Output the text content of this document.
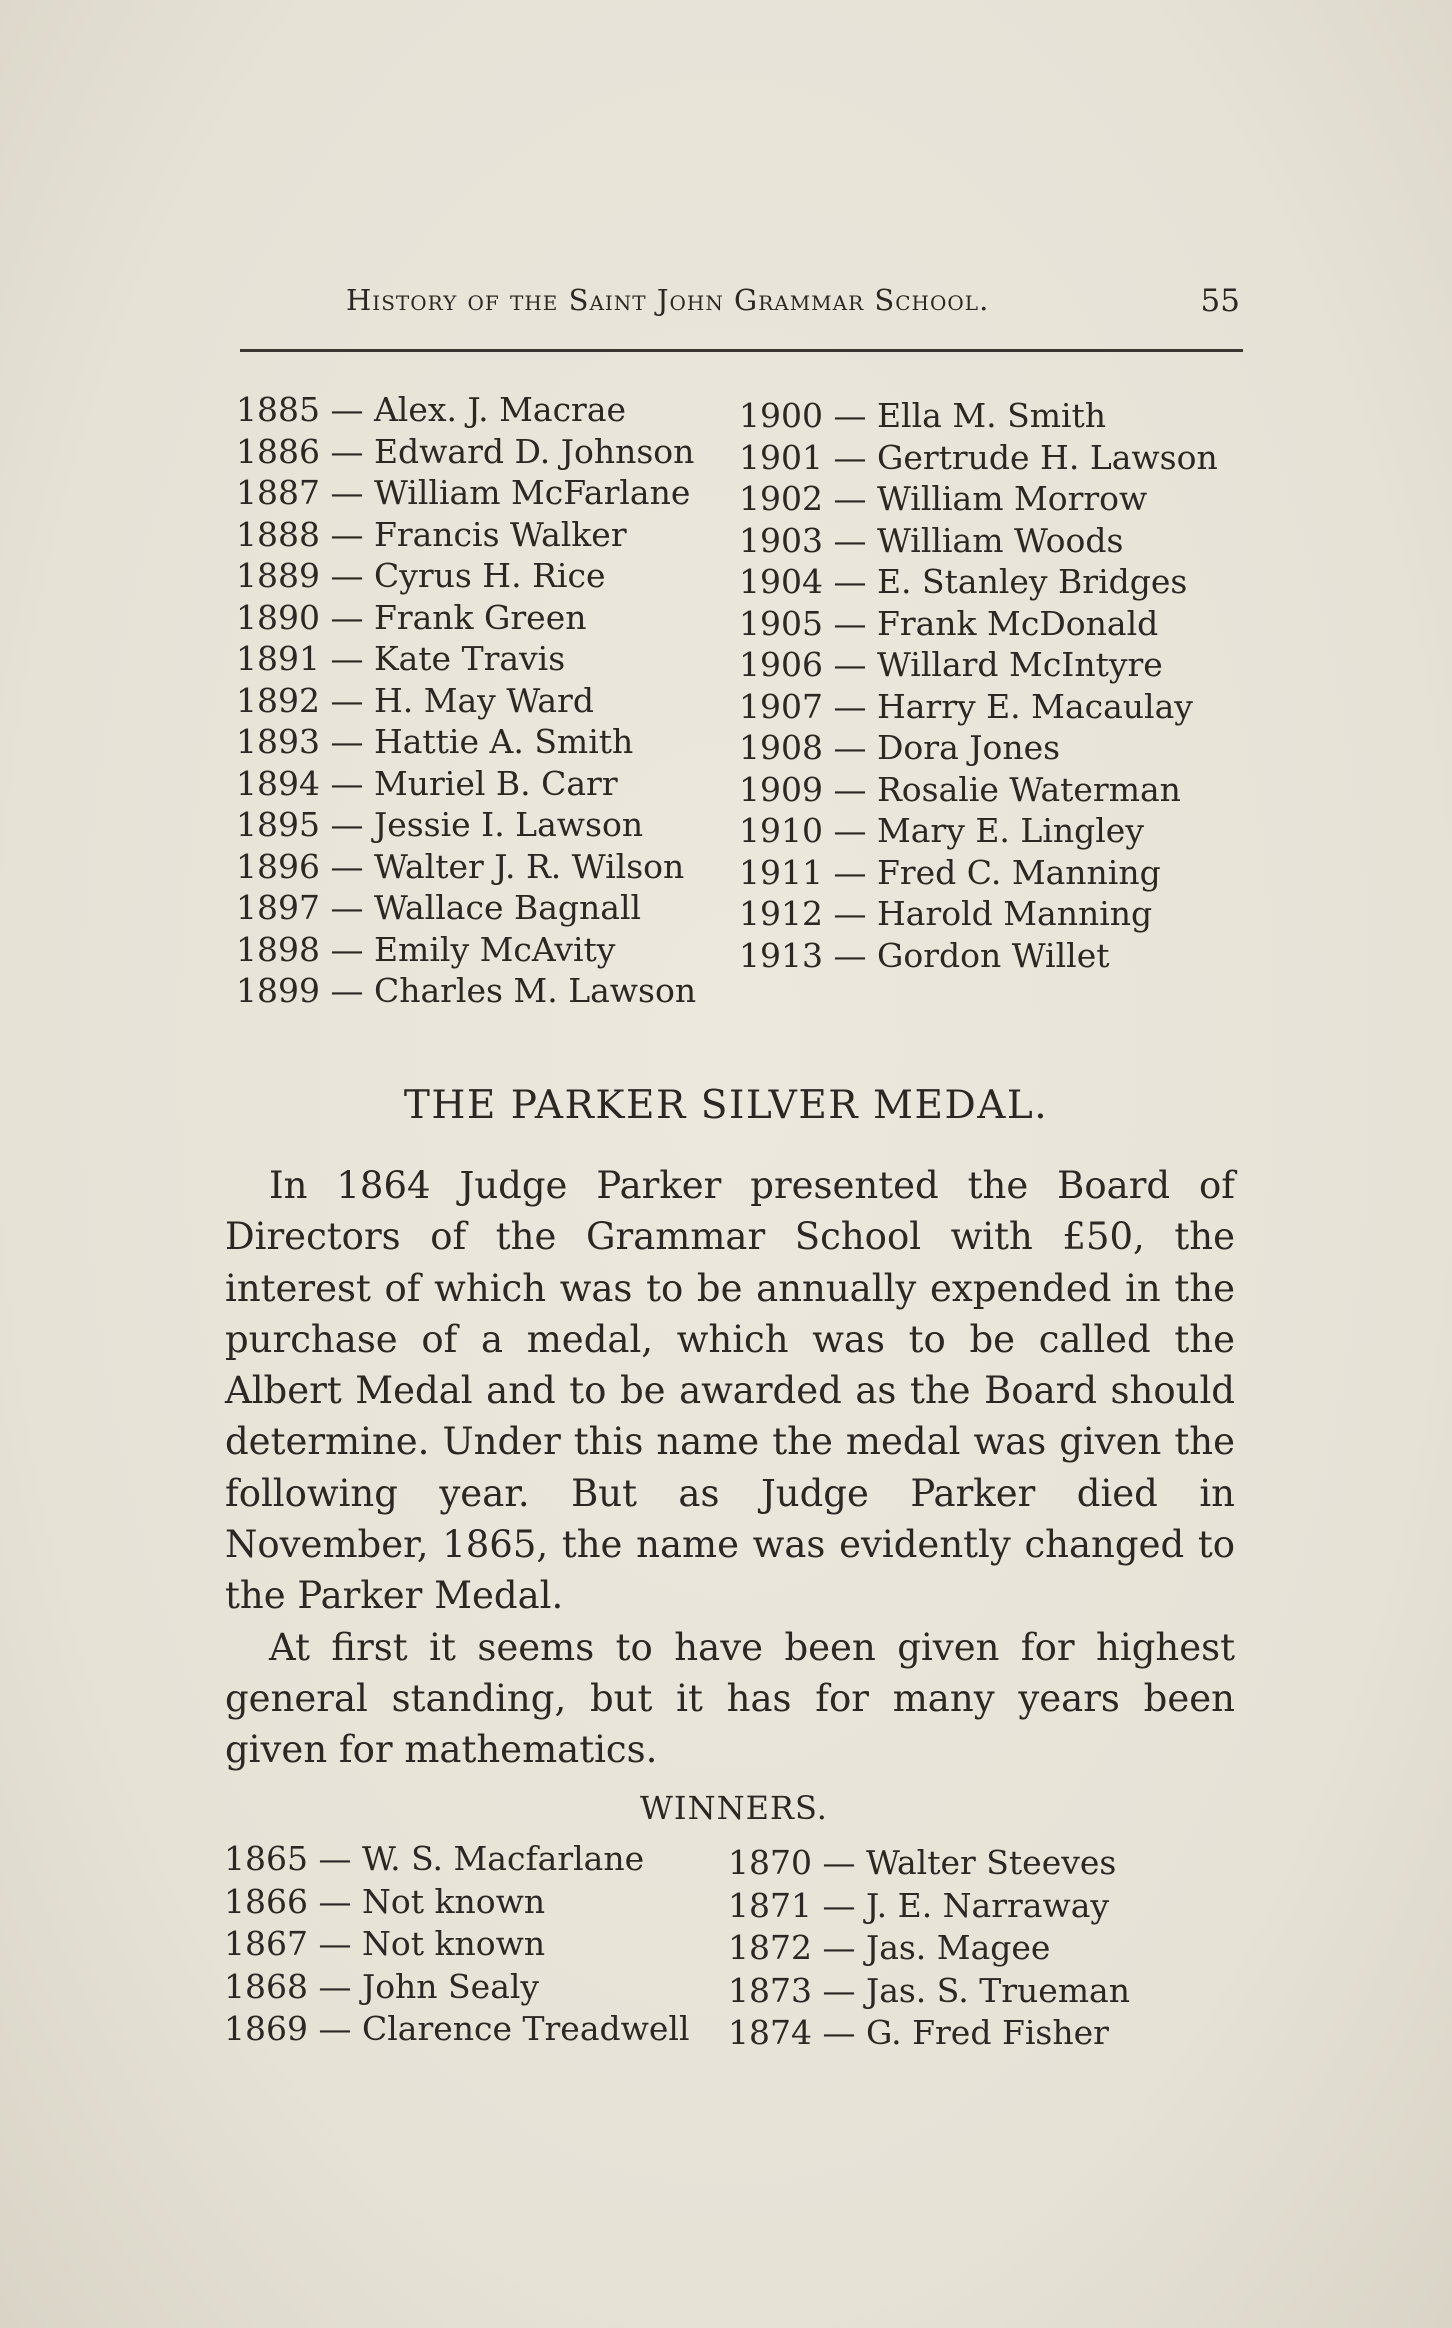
History of the Saint John Grammar School.	55
1885 — Alex. J. Macrae
1886 — Edward D. Johnson
1887 — William McFarlane
1888 — Francis Walker
1889 — Cyrus H. Rice
1890 — Frank Green
1891 — Kate Travis
1892 — H. May Ward
1893 — Hattie A. Smith
1894 — Muriel B. Carr
1895 — Jessie I. Lawson
1896 — Walter J. R. Wilson
1897 — Wallace Bagnall
1898 — Emily McAvity
1899 — Charles M. Lawson
1900 — Ella M. Smith
1901 — Gertrude H. Lawson
1902 — William Morrow
1903 — William Woods
1904 — E. Stanley Bridges
1905 — Frank McDonald
1906 — Willard McIntyre
1907 — Harry E. Macaulay
1908 — Dora Jones
1909 — Rosalie Waterman
1910 — Mary E. Lingley
1911 — Fred C. Manning
1912 — Harold Manning
1913 — Gordon Willet
THE PARKER SILVER MEDAL.

In 1864 Judge Parker presented the Board of Directors of the Grammar School with £50, the interest of which was to be annually expended in the purchase of a medal, which was to be called the Albert Medal and to be awarded as the Board should determine. Under this name the medal was given the following year. But as Judge Parker died in November, 1865, the name was evidently changed to the Parker Medal.

At first it seems to have been given for highest general standing, but it has for many years been given for mathematics.

WINNERS.
1865 — W. S. Macfarlane
1866 — Not known
1867 — Not known
1868 — John Sealy
1869 — Clarence Treadwell
1870 — Walter Steeves
1871 — J. E. Narraway
1872 — Jas. Magee
1873 — Jas. S. Trueman
1874 — G. Fred Fisher
